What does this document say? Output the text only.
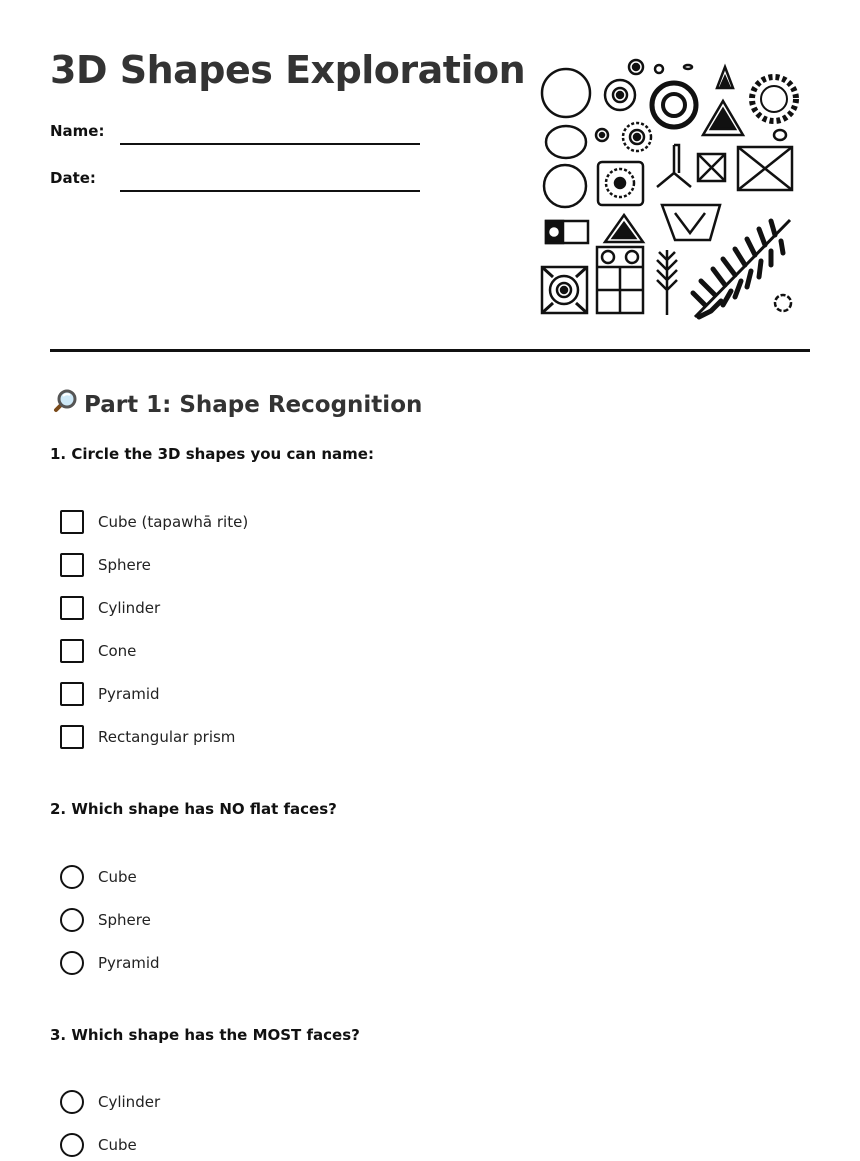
3D Shapes Exploration
Name:
Date:
Part 1: Shape Recognition

1. Circle the 3D shapes you can name:

Cube (tapawhā rite)
Sphere
Cylinder
Cone
Pyramid
Rectangular prism

2. Which shape has NO flat faces?

Cube
Sphere
Pyramid

3. Which shape has the MOST faces?

Cylinder
Cube
